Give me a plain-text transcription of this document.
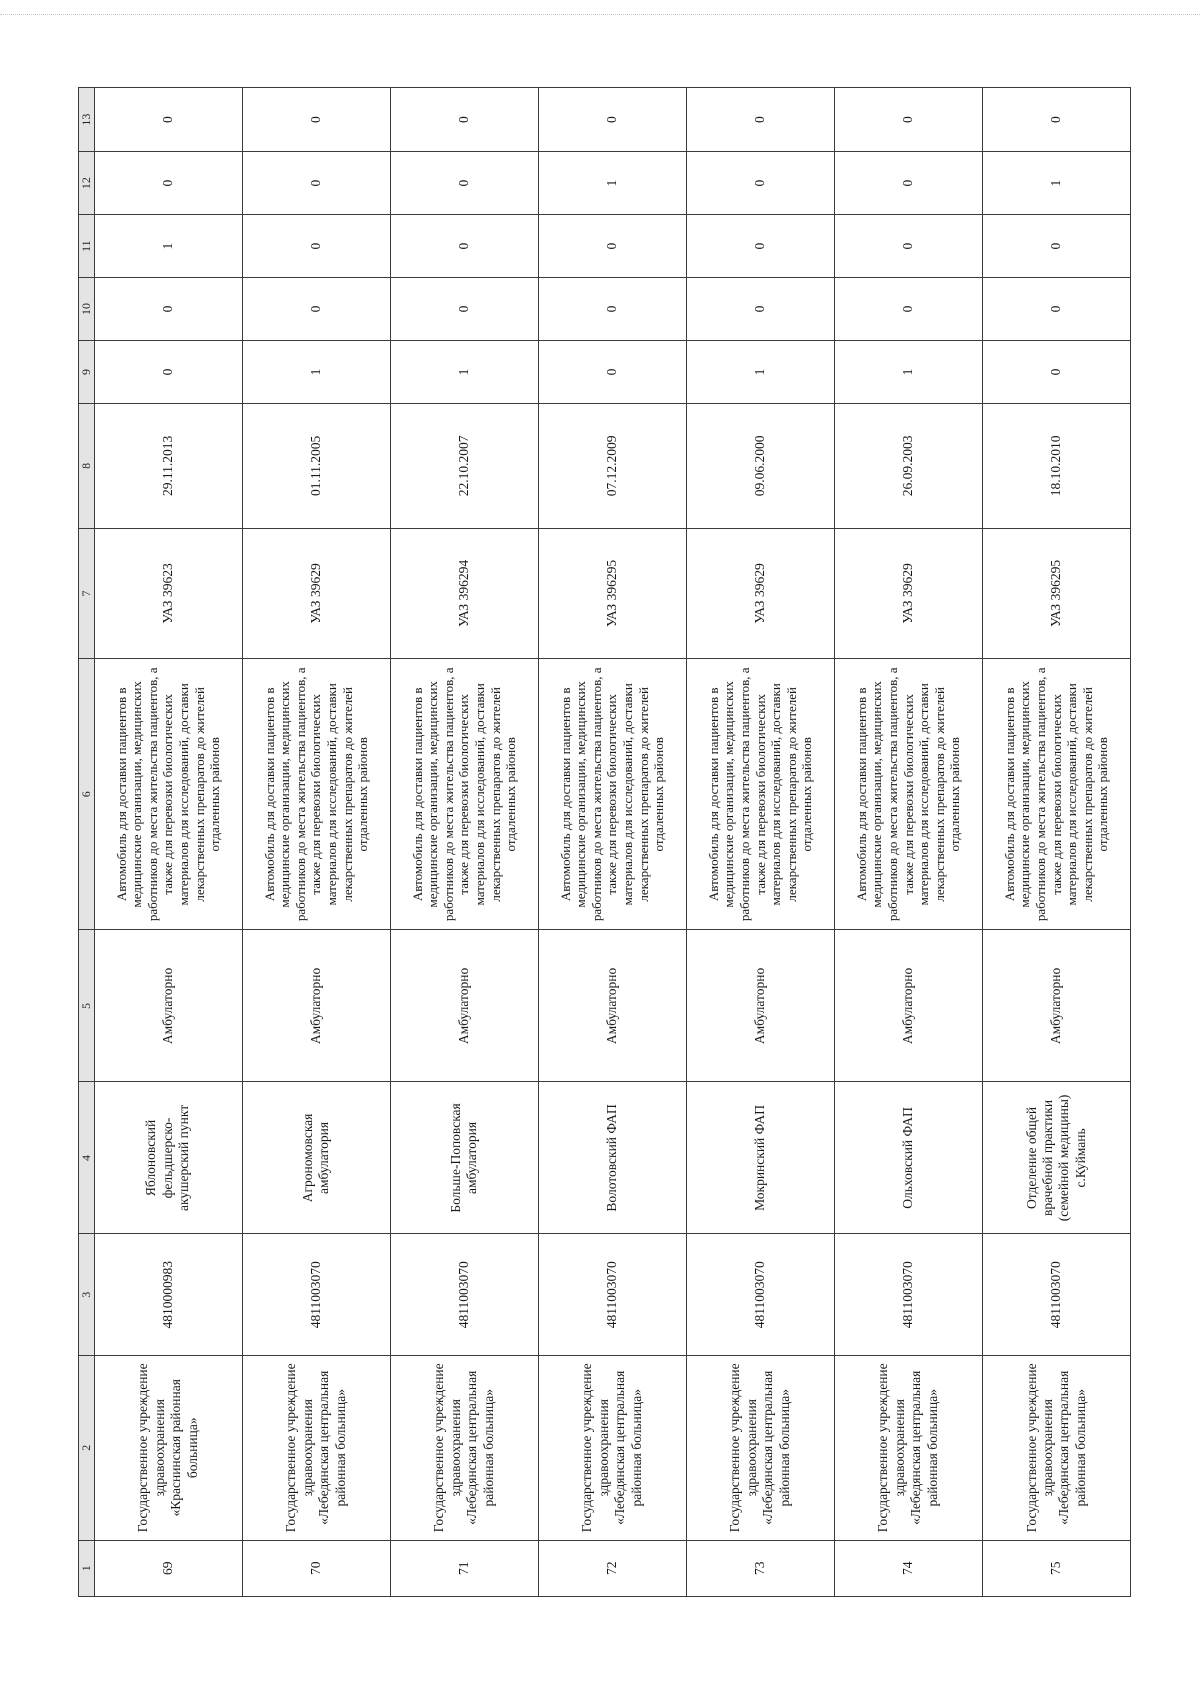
1	2	3	4	5	6	7	8	9	10	11	12	13
69	Государственное учреждение здравоохранения «Краснинская районная больница»	4810000983	Яблоновский фельдшерско-акушерский пункт	Амбулаторно	Автомобиль для доставки пациентов в медицинские организации, медицинских работников до места жительства пациентов, а также для перевозки биологических материалов для исследований, доставки лекарственных препаратов до жителей отдаленных районов	УАЗ 39623	29.11.2013	0	0	1	0	0
70	Государственное учреждение здравоохранения «Лебедянская центральная районная больница»	4811003070	Агрономовская амбулатория	Амбулаторно	Автомобиль для доставки пациентов в медицинские организации, медицинских работников до места жительства пациентов, а также для перевозки биологических материалов для исследований, доставки лекарственных препаратов до жителей отдаленных районов	УАЗ 39629	01.11.2005	1	0	0	0	0
71	Государственное учреждение здравоохранения «Лебедянская центральная районная больница»	4811003070	Больше-Поповская амбулатория	Амбулаторно	Автомобиль для доставки пациентов в медицинские организации, медицинских работников до места жительства пациентов, а также для перевозки биологических материалов для исследований, доставки лекарственных препаратов до жителей отдаленных районов	УАЗ 396294	22.10.2007	1	0	0	0	0
72	Государственное учреждение здравоохранения «Лебедянская центральная районная больница»	4811003070	Волотовский ФАП	Амбулаторно	Автомобиль для доставки пациентов в медицинские организации, медицинских работников до места жительства пациентов, а также для перевозки биологических материалов для исследований, доставки лекарственных препаратов до жителей отдаленных районов	УАЗ 396295	07.12.2009	0	0	0	1	0
73	Государственное учреждение здравоохранения «Лебедянская центральная районная больница»	4811003070	Мокринский ФАП	Амбулаторно	Автомобиль для доставки пациентов в медицинские организации, медицинских работников до места жительства пациентов, а также для перевозки биологических материалов для исследований, доставки лекарственных препаратов до жителей отдаленных районов	УАЗ 39629	09.06.2000	1	0	0	0	0
74	Государственное учреждение здравоохранения «Лебедянская центральная районная больница»	4811003070	Ольховский ФАП	Амбулаторно	Автомобиль для доставки пациентов в медицинские организации, медицинских работников до места жительства пациентов, а также для перевозки биологических материалов для исследований, доставки лекарственных препаратов до жителей отдаленных районов	УАЗ 39629	26.09.2003	1	0	0	0	0
75	Государственное учреждение здравоохранения «Лебедянская центральная районная больница»	4811003070	Отделение общей врачебной практики (семейной медицины) с.Куймань	Амбулаторно	Автомобиль для доставки пациентов в медицинские организации, медицинских работников до места жительства пациентов, а также для перевозки биологических материалов для исследований, доставки лекарственных препаратов до жителей отдаленных районов	УАЗ 396295	18.10.2010	0	0	0	1	0
